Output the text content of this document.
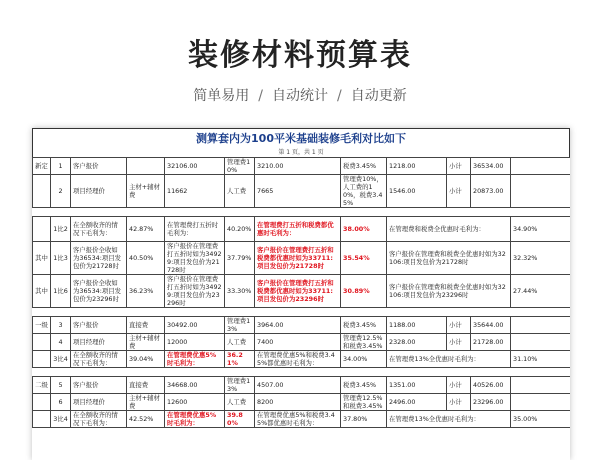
装修材料预算表
简单易用 / 自动统计 / 自动更新
测算套内为100平米基础装修毛利对比如下
第 1 页，共 1 页
新定	1	客户报价		32106.00	管理费10%	3210.00	税费3.45%	1218.00	小计	36534.00	
	2	项目经理价	主材+辅材费	11662	人工费	7665	管理费10%，人工费的10%，税费3.45%	1546.00	小计	20873.00	

	1比2	在全额收齐的情况下毛利为：	42.87%	在管理费打五折时毛利为：	40.20%	在管理费打五折和税费都优惠时毛利为：	38.00%	在管理费和税费全优惠时毛利为：			34.90%
其中	1比3	客户报价全收如为36534:项目发包价为21728时	40.50%	客户报价在管理费打五折时如为34929:项目发包价为21728时	37.79%	客户报价在管理费打五折和税费都优惠时如为33711:项目发包价为21728时	35.54%	客户报价在管理费和税费全优惠时如为32106:项目发包价为21728时			32.32%
其中	1比6	客户报价全收如为36534:项目发包价为23296时	36.23%	客户报价在管理费打五折时如为34929:项目发包价为23296时	33.30%	客户报价在管理费打五折和税费都优惠时如为33711:项目发包价为23296时	30.89%	客户报价在管理费和税费全优惠时如为32106:项目发包价为23296时			27.44%

一级	3	客户报价	直接费	30492.00	管理费13%	3964.00	税费3.45%	1188.00	小计	35644.00	
	4	项目经理价	主材+辅材费	12000	人工费	7400	管理费12.5%和税费3.45%	2328.00	小计	21728.00	
	3比4	在全额收齐的情况下毛利为：	39.04%	在管理费优惠5%时毛利为：	36.21%	在管理费优惠5%和税费3.45%都优惠时毛利为：	34.00%	在管理费13%全优惠时毛利为：			31.10%

二级	5	客户报价	直接费	34668.00	管理费13%	4507.00	税费3.45%	1351.00	小计	40526.00	
	6	项目经理价	主材+辅材费	12600	人工费	8200	管理费12.5%和税费3.45%	2496.00	小计	23296.00	
	3比4	在全额收齐的情况下毛利为：	42.52%	在管理费优惠5%时毛利为：	39.80%	在管理费优惠5%和税费3.45%都优惠时毛利为：	37.80%	在管理费13%全优惠时毛利为：			35.00%
